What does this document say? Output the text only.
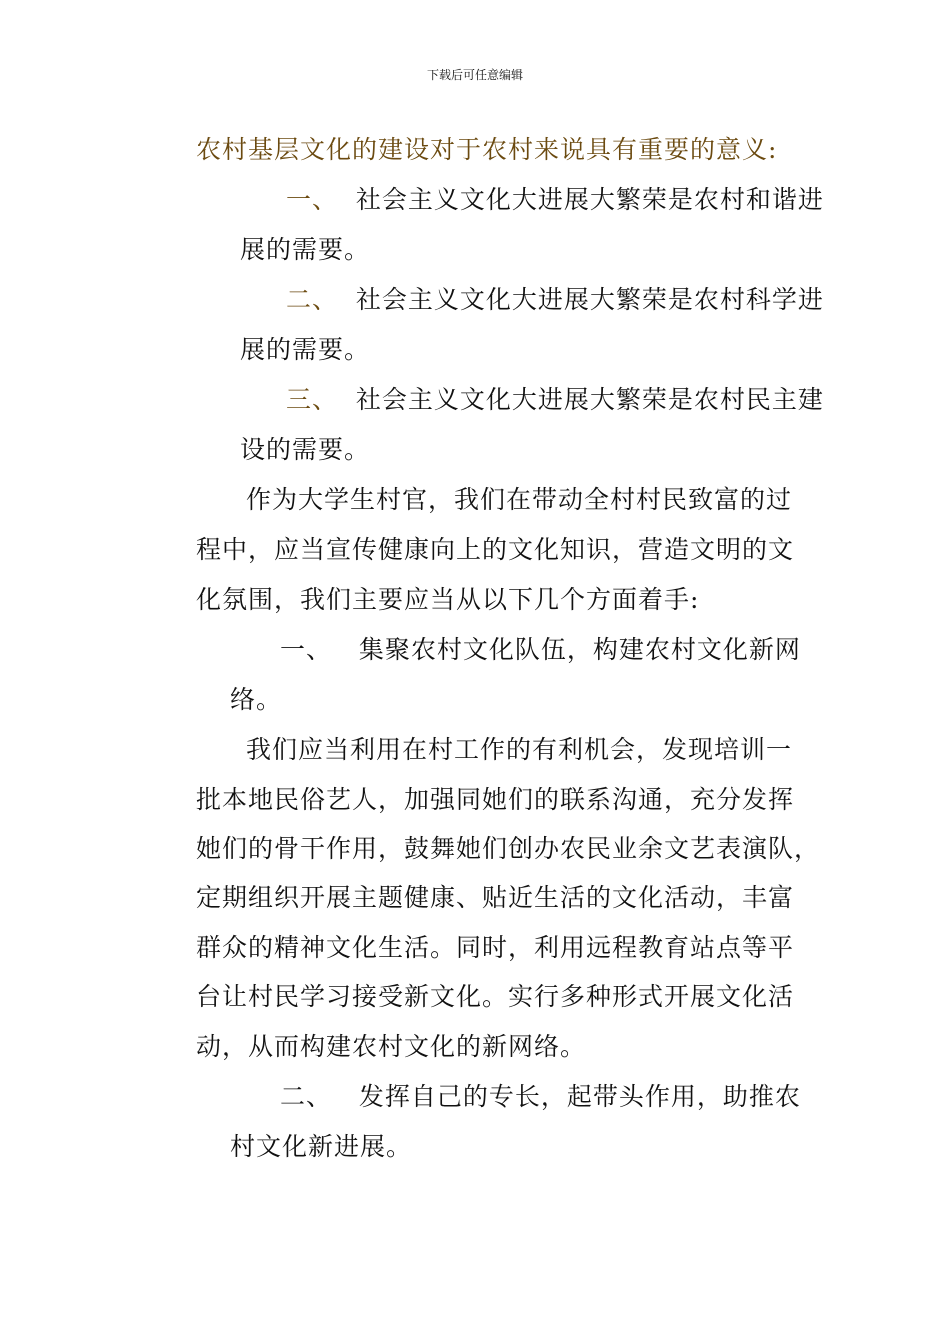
下载后可任意编辑
农村基层文化的建设对于农村来说具有重要的意义:
一、 社会主义文化大进展大繁荣是农村和谐进
展的需要。
二、 社会主义文化大进展大繁荣是农村科学进
展的需要。
三、 社会主义文化大进展大繁荣是农村民主建
设的需要。
作为大学生村官，我们在带动全村村民致富的过
程中，应当宣传健康向上的文化知识，营造文明的文
化氛围，我们主要应当从以下几个方面着手:
一、 集聚农村文化队伍，构建农村文化新网
络。
我们应当利用在村工作的有利机会，发现培训一
批本地民俗艺人，加强同她们的联系沟通，充分发挥
她们的骨干作用，鼓舞她们创办农民业余文艺表演队，
定期组织开展主题健康、贴近生活的文化活动，丰富
群众的精神文化生活。同时，利用远程教育站点等平
台让村民学习接受新文化。实行多种形式开展文化活
动，从而构建农村文化的新网络。
二、 发挥自己的专长，起带头作用，助推农
村文化新进展。
